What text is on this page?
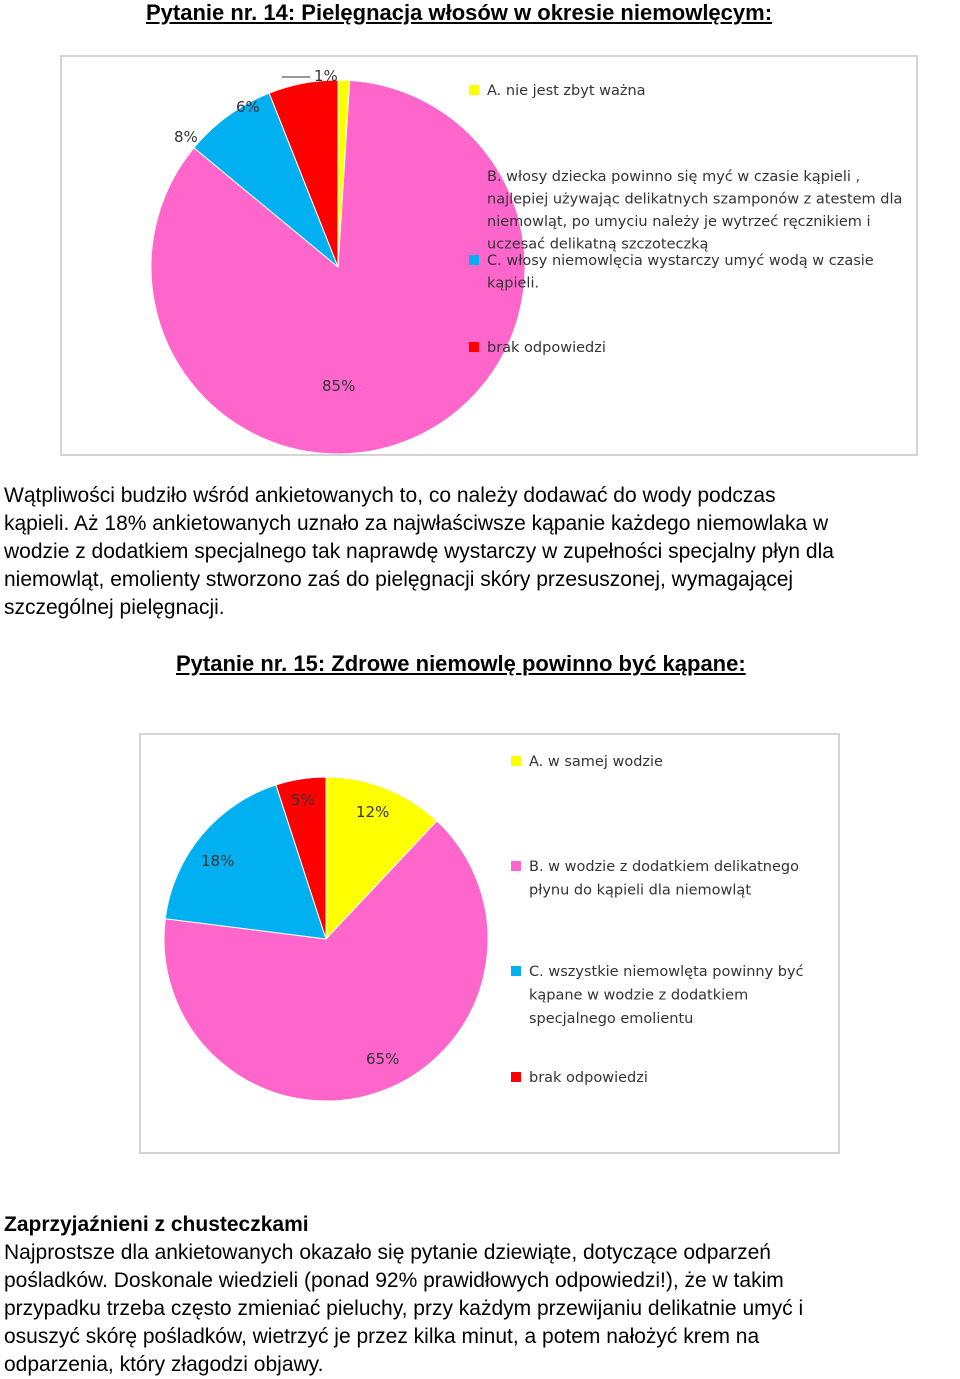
Pytanie nr. 14: Pielęgnacja włosów w okresie niemowlęcym:
1%
85%
8%
6%
A. nie jest zbyt ważna
B. włosy dziecka powinno się myć w czasie kąpieli ,
najlepiej używając delikatnych szamponów z atestem dla
niemowląt, po umyciu należy je wytrzeć ręcznikiem i
uczesać delikatną szczoteczką
C. włosy niemowlęcia wystarczy umyć wodą w czasie
kąpieli.
brak odpowiedzi

Wątpliwości budziło wśród ankietowanych to, co należy dodawać do wody podczas
kąpieli. Aż 18% ankietowanych uznało za najwłaściwsze kąpanie każdego niemowlaka w
wodzie z dodatkiem specjalnego tak naprawdę wystarczy w zupełności specjalny płyn dla
niemowląt, emolienty stworzono zaś do pielęgnacji skóry przesuszonej, wymagającej
szczególnej pielęgnacji.

Pytanie nr. 15: Zdrowe niemowlę powinno być kąpane:
12%
65%
18%
5%
A. w samej wodzie
B. w wodzie z dodatkiem delikatnego
płynu do kąpieli dla niemowląt
C. wszystkie niemowlęta powinny być
kąpane w wodzie z dodatkiem
specjalnego emolientu
brak odpowiedzi

Zaprzyjaźnieni z chusteczkami

Najprostsze dla ankietowanych okazało się pytanie dziewiąte, dotyczące odparzeń
pośladków. Doskonale wiedzieli (ponad 92% prawidłowych odpowiedzi!), że w takim
przypadku trzeba często zmieniać pieluchy, przy każdym przewijaniu delikatnie umyć i
osuszyć skórę pośladków, wietrzyć je przez kilka minut, a potem nałożyć krem na
odparzenia, który złagodzi objawy.
